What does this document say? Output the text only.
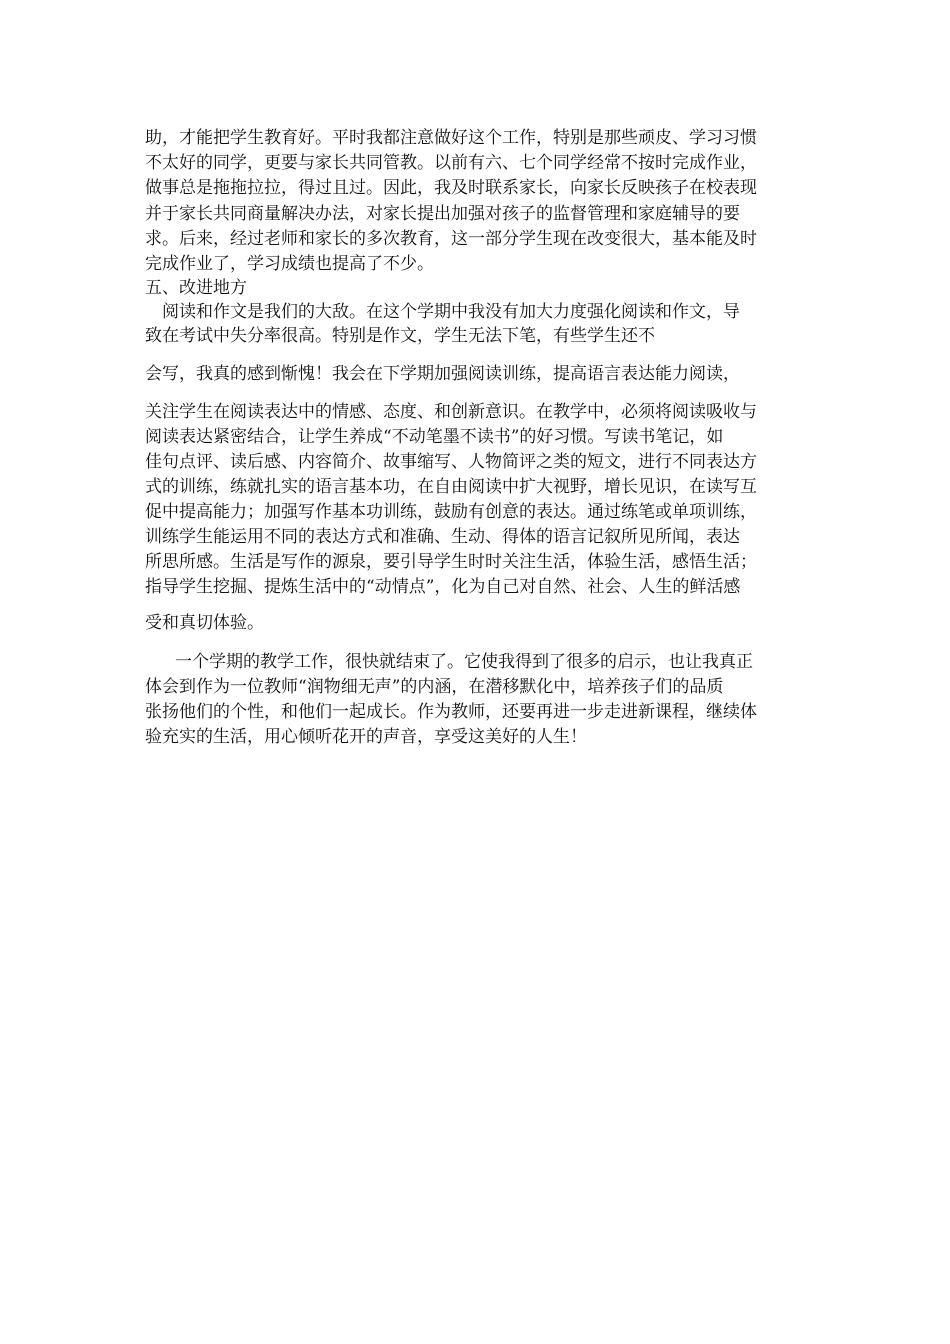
助，才能把学生教育好。平时我都注意做好这个工作，特别是那些顽皮、学习习惯
不太好的同学，更要与家长共同管教。以前有六、七个同学经常不按时完成作业，
做事总是拖拖拉拉，得过且过。因此，我及时联系家长，向家长反映孩子在校表现
并于家长共同商量解决办法，对家长提出加强对孩子的监督管理和家庭辅导的要
求。后来，经过老师和家长的多次教育，这一部分学生现在改变很大，基本能及时
完成作业了，学习成绩也提高了不少。
五、改进地方
阅读和作文是我们的大敌。在这个学期中我没有加大力度强化阅读和作文，导
致在考试中失分率很高。特别是作文，学生无法下笔，有些学生还不
会写，我真的感到惭愧！我会在下学期加强阅读训练，提高语言表达能力阅读，
关注学生在阅读表达中的情感、态度、和创新意识。在教学中，必须将阅读吸收与
阅读表达紧密结合，让学生养成“不动笔墨不读书”的好习惯。写读书笔记，如
佳句点评、读后感、内容简介、故事缩写、人物简评之类的短文，进行不同表达方
式的训练，练就扎实的语言基本功，在自由阅读中扩大视野，增长见识，在读写互
促中提高能力；加强写作基本功训练，鼓励有创意的表达。通过练笔或单项训练，
训练学生能运用不同的表达方式和准确、生动、得体的语言记叙所见所闻，表达
所思所感。生活是写作的源泉，要引导学生时时关注生活，体验生活，感悟生活；
指导学生挖掘、提炼生活中的“动情点”，化为自己对自然、社会、人生的鲜活感
受和真切体验。
一个学期的教学工作，很快就结束了。它使我得到了很多的启示，也让我真正
体会到作为一位教师“润物细无声”的内涵，在潜移默化中，培养孩子们的品质
张扬他们的个性，和他们一起成长。作为教师，还要再进一步走进新课程，继续体
验充实的生活，用心倾听花开的声音，享受这美好的人生！
